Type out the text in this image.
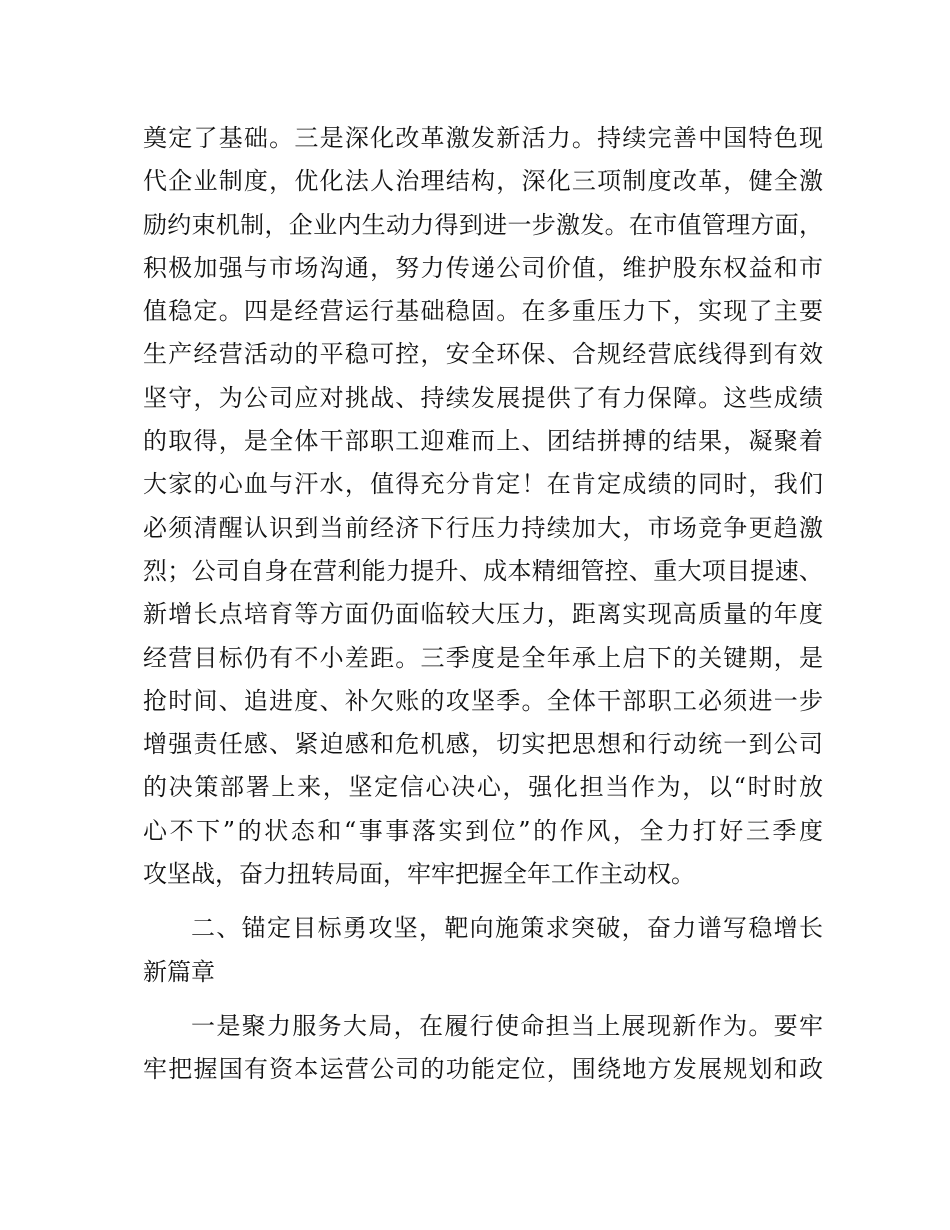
奠定了基础。三是深化改革激发新活力。持续完善中国特色现
代企业制度，优化法人治理结构，深化三项制度改革，健全激
励约束机制，企业内生动力得到进一步激发。在市值管理方面，
积极加强与市场沟通，努力传递公司价值，维护股东权益和市
值稳定。四是经营运行基础稳固。在多重压力下，实现了主要
生产经营活动的平稳可控，安全环保、合规经营底线得到有效
坚守，为公司应对挑战、持续发展提供了有力保障。这些成绩
的取得，是全体干部职工迎难而上、团结拼搏的结果，凝聚着
大家的心血与汗水，值得充分肯定！在肯定成绩的同时，我们
必须清醒认识到当前经济下行压力持续加大，市场竞争更趋激
烈；公司自身在营利能力提升、成本精细管控、重大项目提速、
新增长点培育等方面仍面临较大压力，距离实现高质量的年度
经营目标仍有不小差距。三季度是全年承上启下的关键期，是
抢时间、追进度、补欠账的攻坚季。全体干部职工必须进一步
增强责任感、紧迫感和危机感，切实把思想和行动统一到公司
的决策部署上来，坚定信心决心，强化担当作为，以“时时放
心不下”的状态和“事事落实到位”的作风，全力打好三季度
攻坚战，奋力扭转局面，牢牢把握全年工作主动权。
二、锚定目标勇攻坚，靶向施策求突破，奋力谱写稳增长
新篇章
一是聚力服务大局，在履行使命担当上展现新作为。要牢
牢把握国有资本运营公司的功能定位，围绕地方发展规划和政
